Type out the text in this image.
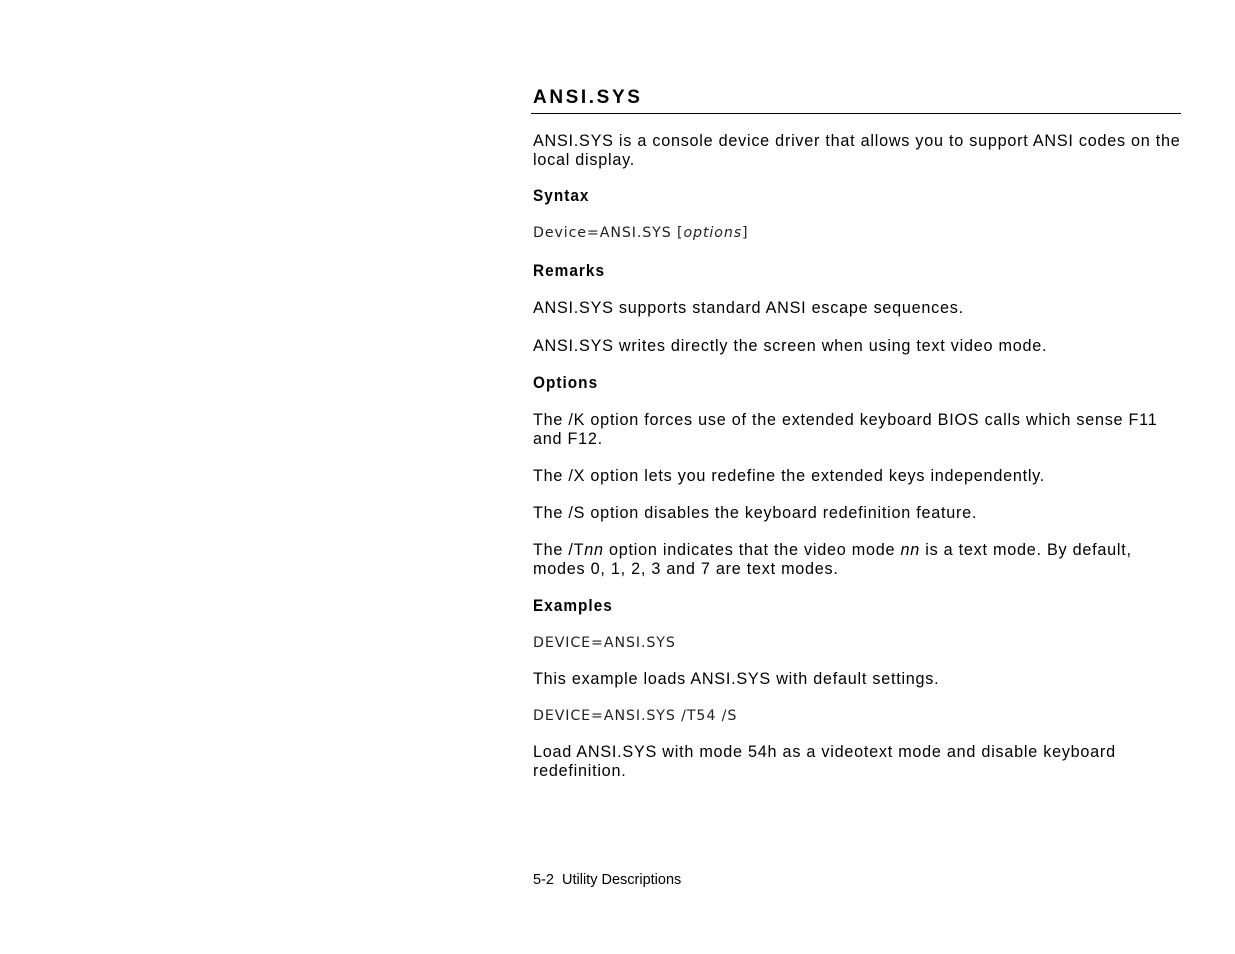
ANSI.SYS

ANSI.SYS is a console device driver that allows you to support ANSI codes on the local display.

Syntax

Device=ANSI.SYS [options]

Remarks

ANSI.SYS supports standard ANSI escape sequences.

ANSI.SYS writes directly the screen when using text video mode.

Options

The /K option forces use of the extended keyboard BIOS calls which sense F11 and F12.

The /X option lets you redefine the extended keys independently.

The /S option disables the keyboard redefinition feature.

The /Tnn option indicates that the video mode nn is a text mode. By default, modes 0, 1, 2, 3 and 7 are text modes.

Examples

DEVICE=ANSI.SYS

This example loads ANSI.SYS with default settings.

DEVICE=ANSI.SYS /T54 /S

Load ANSI.SYS with mode 54h as a videotext mode and disable keyboard redefinition.

5-2  Utility Descriptions
